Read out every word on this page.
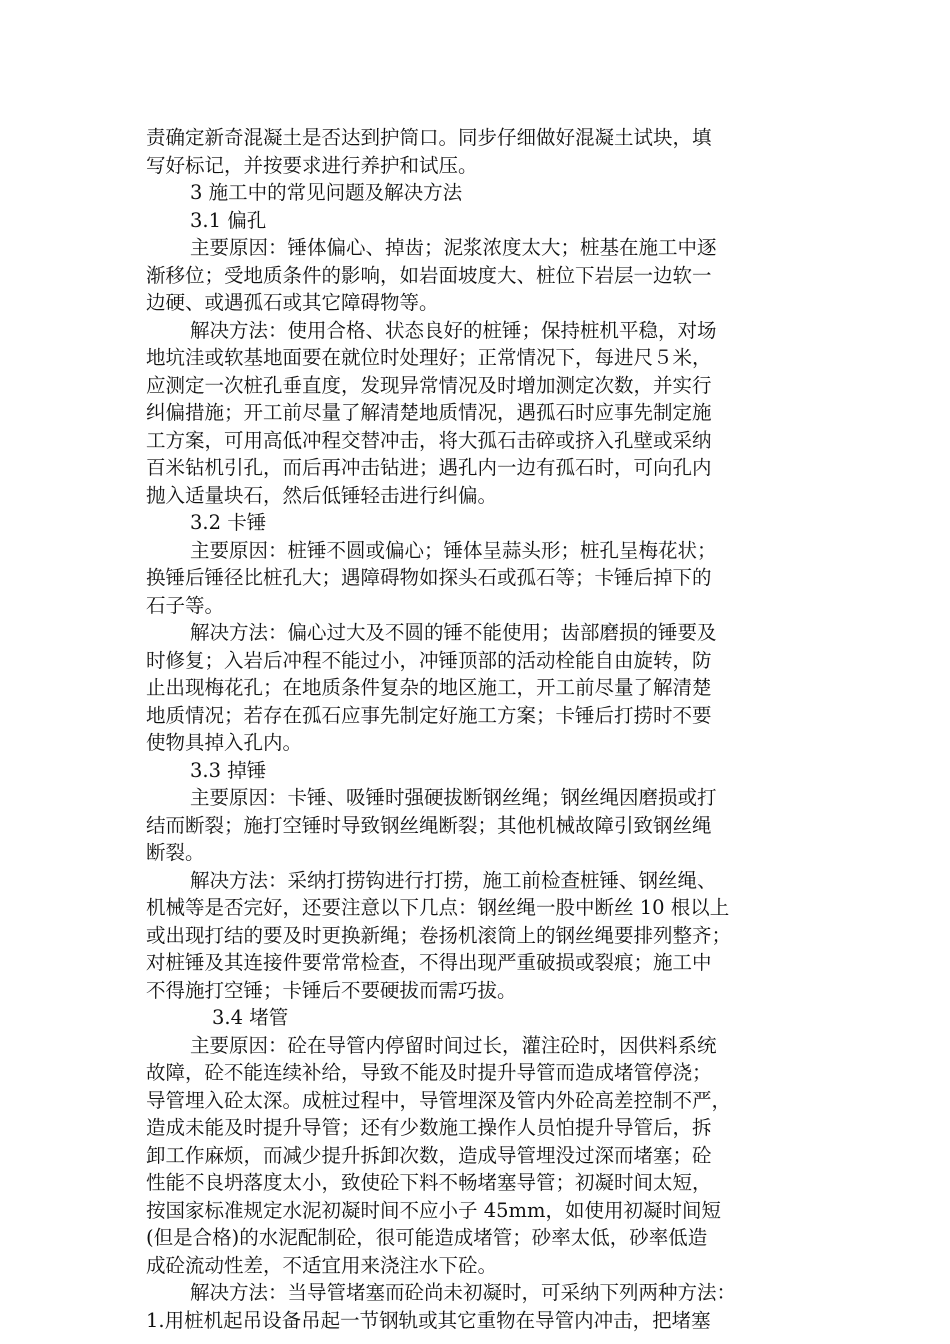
责确定新奇混凝土是否达到护筒口。同步仔细做好混凝土试块，填
写好标记，并按要求进行养护和试压。
3 施工中的常见问题及解决方法
3.1 偏孔
主要原因：锤体偏心、掉齿；泥浆浓度太大；桩基在施工中逐
渐移位；受地质条件的影响，如岩面坡度大、桩位下岩层一边软一
边硬、或遇孤石或其它障碍物等。
解决方法：使用合格、状态良好的桩锤；保持桩机平稳，对场
地坑洼或软基地面要在就位时处理好；正常情况下，每进尺５米，
应测定一次桩孔垂直度，发现异常情况及时增加测定次数，并实行
纠偏措施；开工前尽量了解清楚地质情况，遇孤石时应事先制定施
工方案，可用高低冲程交替冲击，将大孤石击碎或挤入孔壁或采纳
百米钻机引孔，而后再冲击钻进；遇孔内一边有孤石时，可向孔内
抛入适量块石，然后低锤轻击进行纠偏。
3.2 卡锤
主要原因：桩锤不圆或偏心；锤体呈蒜头形；桩孔呈梅花状；
换锤后锤径比桩孔大；遇障碍物如探头石或孤石等；卡锤后掉下的
石子等。
解决方法：偏心过大及不圆的锤不能使用；齿部磨损的锤要及
时修复；入岩后冲程不能过小，冲锤顶部的活动栓能自由旋转，防
止出现梅花孔；在地质条件复杂的地区施工，开工前尽量了解清楚
地质情况；若存在孤石应事先制定好施工方案；卡锤后打捞时不要
使物具掉入孔内。
3.3 掉锤
主要原因：卡锤、吸锤时强硬拔断钢丝绳；钢丝绳因磨损或打
结而断裂；施打空锤时导致钢丝绳断裂；其他机械故障引致钢丝绳
断裂。
解决方法：采纳打捞钩进行打捞，施工前检查桩锤、钢丝绳、
机械等是否完好，还要注意以下几点：钢丝绳一股中断丝 10 根以上
或出现打结的要及时更换新绳；卷扬机滚筒上的钢丝绳要排列整齐；
对桩锤及其连接件要常常检查，不得出现严重破损或裂痕；施工中
不得施打空锤；卡锤后不要硬拔而需巧拔。
3.4 堵管
主要原因：砼在导管内停留时间过长，灌注砼时，因供料系统
故障，砼不能连续补给，导致不能及时提升导管而造成堵管停浇；
导管埋入砼太深。成桩过程中，导管埋深及管内外砼高差控制不严，
造成未能及时提升导管；还有少数施工操作人员怕提升导管后，拆
卸工作麻烦，而减少提升拆卸次数，造成导管埋没过深而堵塞；砼
性能不良坍落度太小，致使砼下料不畅堵塞导管；初凝时间太短，
按国家标准规定水泥初凝时间不应小子 45mm，如使用初凝时间短
(但是合格)的水泥配制砼，很可能造成堵管；砂率太低，砂率低造
成砼流动性差，不适宜用来浇注水下砼。
解决方法：当导管堵塞而砼尚未初凝时，可采纳下列两种方法：
1.用桩机起吊设备吊起一节钢轨或其它重物在导管内冲击，把堵塞
